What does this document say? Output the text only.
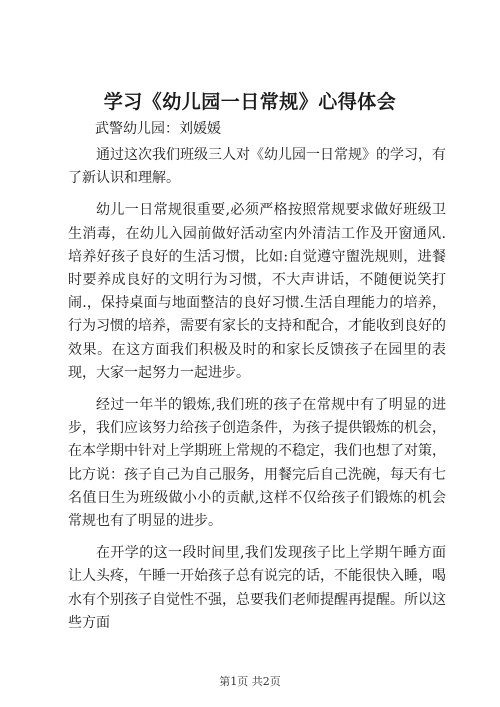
学习《幼儿园一日常规》心得体会

武警幼儿园：刘媛媛

通过这次我们班级三人对《幼儿园一日常规》的学习，有了新认识和理解。

幼儿一日常规很重要,必须严格按照常规要求做好班级卫生消毒，在幼儿入园前做好活动室内外清洁工作及开窗通风.培养好孩子良好的生活习惯，比如:自觉遵守盥洗规则，进餐时要养成良好的文明行为习惯，不大声讲话，不随便说笑打闹.，保持桌面与地面整洁的良好习惯.生活自理能力的培养，行为习惯的培养，需要有家长的支持和配合，才能收到良好的效果。在这方面我们积极及时的和家长反馈孩子在园里的表现，大家一起努力一起进步。

经过一年半的锻炼,我们班的孩子在常规中有了明显的进步，我们应该努力给孩子创造条件，为孩子提供锻炼的机会，在本学期中针对上学期班上常规的不稳定，我们也想了对策，比方说：孩子自己为自己服务，用餐完后自己洗碗，每天有七名值日生为班级做小小的贡献,这样不仅给孩子们锻炼的机会常规也有了明显的进步。

在开学的这一段时间里,我们发现孩子比上学期午睡方面让人头疼，午睡一开始孩子总有说完的话，不能很快入睡，喝水有个别孩子自觉性不强，总要我们老师提醒再提醒。所以这些方面

第1页 共2页
